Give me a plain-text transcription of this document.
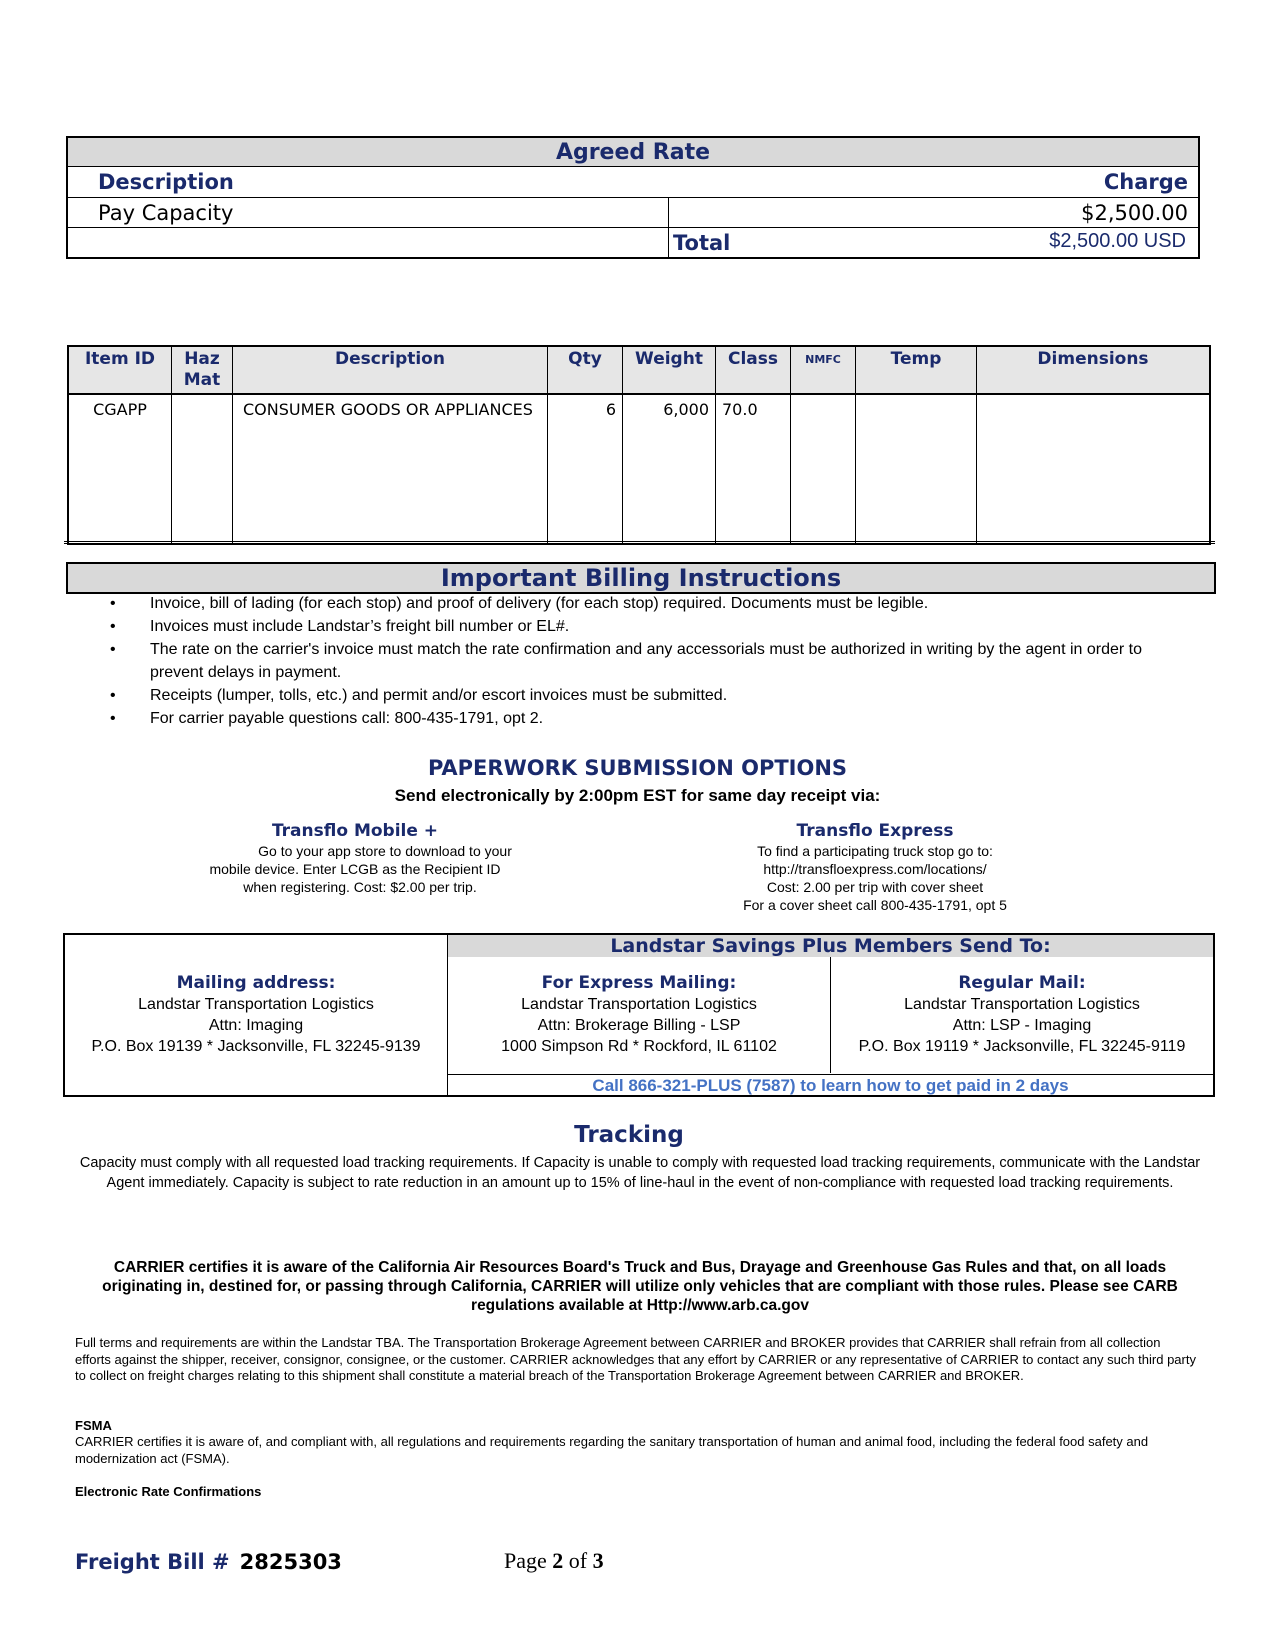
Agreed Rate	
Description	Charge
Pay Capacity	$2,500.00
	Total $2,500.00 USD
Item ID	Haz Mat	Description	Qty	Weight	Class	NMFC	Temp	Dimensions
CGAPP		CONSUMER GOODS OR APPLIANCES	6	6,000	70.0			
Important Billing Instructions
• Invoice, bill of lading (for each stop) and proof of delivery (for each stop) required. Documents must be legible.
• Invoices must include Landstar’s freight bill number or EL#.
• The rate on the carrier's invoice must match the rate confirmation and any accessorials must be authorized in writing by the agent in order to prevent delays in payment.
• Receipts (lumper, tolls, etc.) and permit and/or escort invoices must be submitted.
• For carrier payable questions call: 800-435-1791, opt 2.
PAPERWORK SUBMISSION OPTIONS
Send electronically by 2:00pm EST for same day receipt via:
Transflo Mobile +
Go to your app store to download to your
mobile device. Enter LCGB as the Recipient ID
when registering. Cost: $2.00 per trip.
Transflo Express
To find a participating truck stop go to:
http://transfloexpress.com/locations/
Cost: 2.00 per trip with cover sheet
For a cover sheet call 800-435-1791, opt 5
Mailing address:
Landstar Transportation Logistics
Attn: Imaging
P.O. Box 19139 * Jacksonville, FL 32245-9139
Landstar Savings Plus Members Send To:
For Express Mailing:
Landstar Transportation Logistics
Attn: Brokerage Billing - LSP
1000 Simpson Rd * Rockford, IL 61102
Regular Mail:
Landstar Transportation Logistics
Attn: LSP - Imaging
P.O. Box 19119 * Jacksonville, FL 32245-9119
Call 866-321-PLUS (7587) to learn how to get paid in 2 days
Tracking
Capacity must comply with all requested load tracking requirements. If Capacity is unable to comply with requested load tracking requirements, communicate with the Landstar Agent immediately. Capacity is subject to rate reduction in an amount up to 15% of line-haul in the event of non-compliance with requested load tracking requirements.
CARRIER certifies it is aware of the California Air Resources Board's Truck and Bus, Drayage and Greenhouse Gas Rules and that, on all loads originating in, destined for, or passing through California, CARRIER will utilize only vehicles that are compliant with those rules. Please see CARB regulations available at Http://www.arb.ca.gov
Full terms and requirements are within the Landstar TBA. The Transportation Brokerage Agreement between CARRIER and BROKER provides that CARRIER shall refrain from all collection efforts against the shipper, receiver, consignor, consignee, or the customer. CARRIER acknowledges that any effort by CARRIER or any representative of CARRIER to contact any such third party to collect on freight charges relating to this shipment shall constitute a material breach of the Transportation Brokerage Agreement between CARRIER and BROKER.
FSMA
CARRIER certifies it is aware of, and compliant with, all regulations and requirements regarding the sanitary transportation of human and animal food, including the federal food safety and modernization act (FSMA).
Electronic Rate Confirmations
Freight Bill # 2825303	Page 2 of 3
